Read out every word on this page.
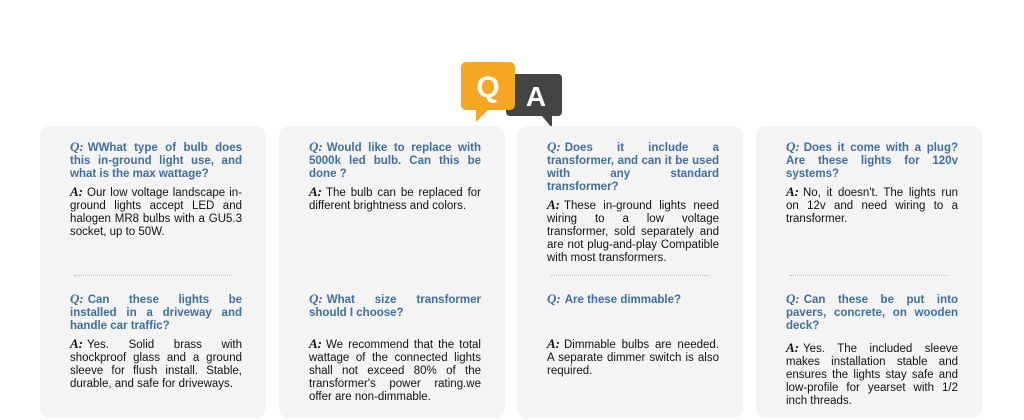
Q A
Q: WWhat type of bulb does this in-ground light use, and what is the max wattage?
A: Our low voltage landscape in-ground lights accept LED and halogen MR8 bulbs with a GU5.3 socket, up to 50W.
Q: Can these lights be installed in a driveway and handle car traffic?
A: Yes. Solid brass with shockproof glass and a ground sleeve for flush install. Stable, durable, and safe for driveways.
Q: Would like to replace with 5000k led bulb. Can this be done ?
A: The bulb can be replaced for different brightness and colors.
Q: What size transformer should I choose?
A: We recommend that the total wattage of the connected lights shall not exceed 80% of the transformer's power rating.we offer are non-dimmable.
Q: Does it include a transformer, and can it be used with any standard transformer?
A: These in-ground lights need wiring to a low voltage transformer, sold separately and are not plug-and-play Compatible with most transformers.
Q: Are these dimmable?
A: Dimmable bulbs are needed. A separate dimmer switch is also required.
Q: Does it come with a plug? Are these lights for 120v systems?
A: No, it doesn't. The lights run on 12v and need wiring to a transformer.
Q: Can these be put into pavers, concrete, on wooden deck?
A: Yes. The included sleeve makes installation stable and ensures the lights stay safe and low-profile for yearset with 1/2 inch threads.
